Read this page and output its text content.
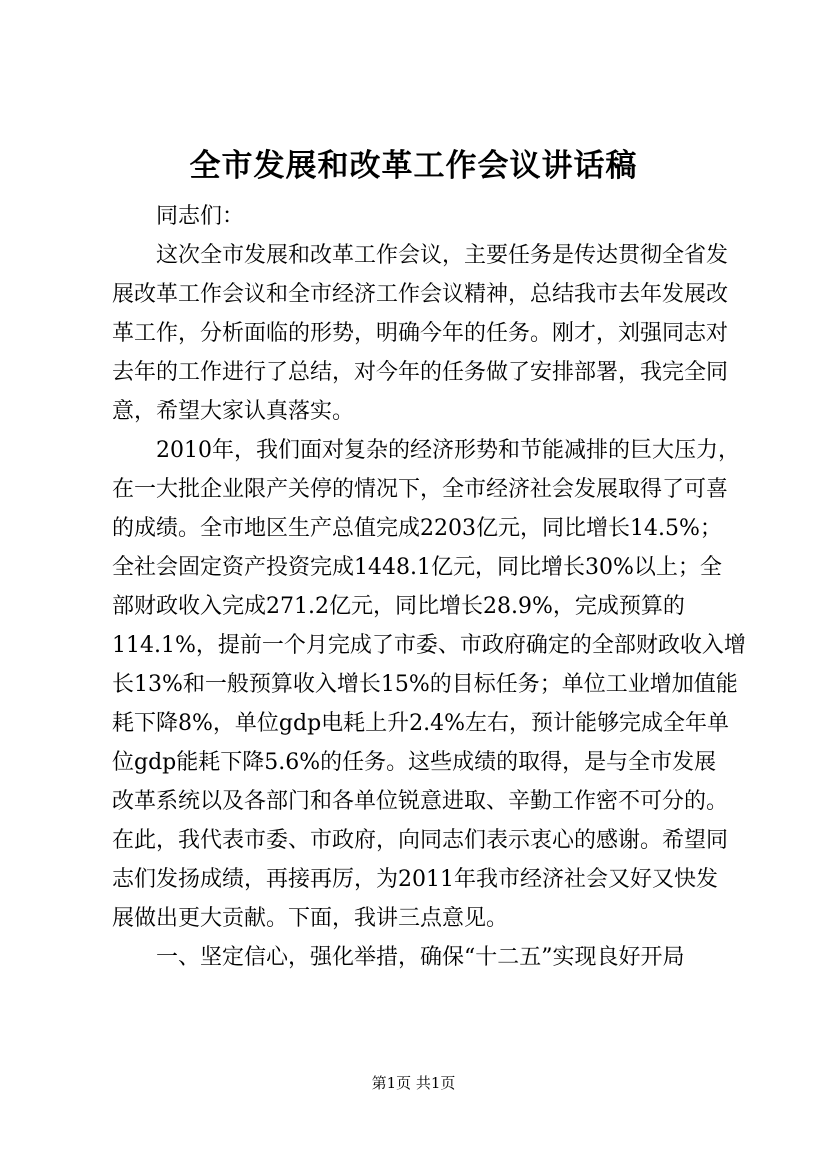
全市发展和改革工作会议讲话稿
同志们：
这次全市发展和改革工作会议，主要任务是传达贯彻全省发
展改革工作会议和全市经济工作会议精神，总结我市去年发展改
革工作，分析面临的形势，明确今年的任务。刚才，刘强同志对
去年的工作进行了总结，对今年的任务做了安排部署，我完全同
意，希望大家认真落实。
2010年，我们面对复杂的经济形势和节能减排的巨大压力，
在一大批企业限产关停的情况下，全市经济社会发展取得了可喜
的成绩。全市地区生产总值完成2203亿元，同比增长14.5%；
全社会固定资产投资完成1448.1亿元，同比增长30%以上；全
部财政收入完成271.2亿元，同比增长28.9%，完成预算的
114.1%，提前一个月完成了市委、市政府确定的全部财政收入增
长13%和一般预算收入增长15%的目标任务；单位工业增加值能
耗下降8%，单位gdp电耗上升2.4%左右，预计能够完成全年单
位gdp能耗下降5.6%的任务。这些成绩的取得，是与全市发展
改革系统以及各部门和各单位锐意进取、辛勤工作密不可分的。
在此，我代表市委、市政府，向同志们表示衷心的感谢。希望同
志们发扬成绩，再接再厉，为2011年我市经济社会又好又快发
展做出更大贡献。下面，我讲三点意见。
一、坚定信心，强化举措，确保“十二五”实现良好开局
第1页 共1页
